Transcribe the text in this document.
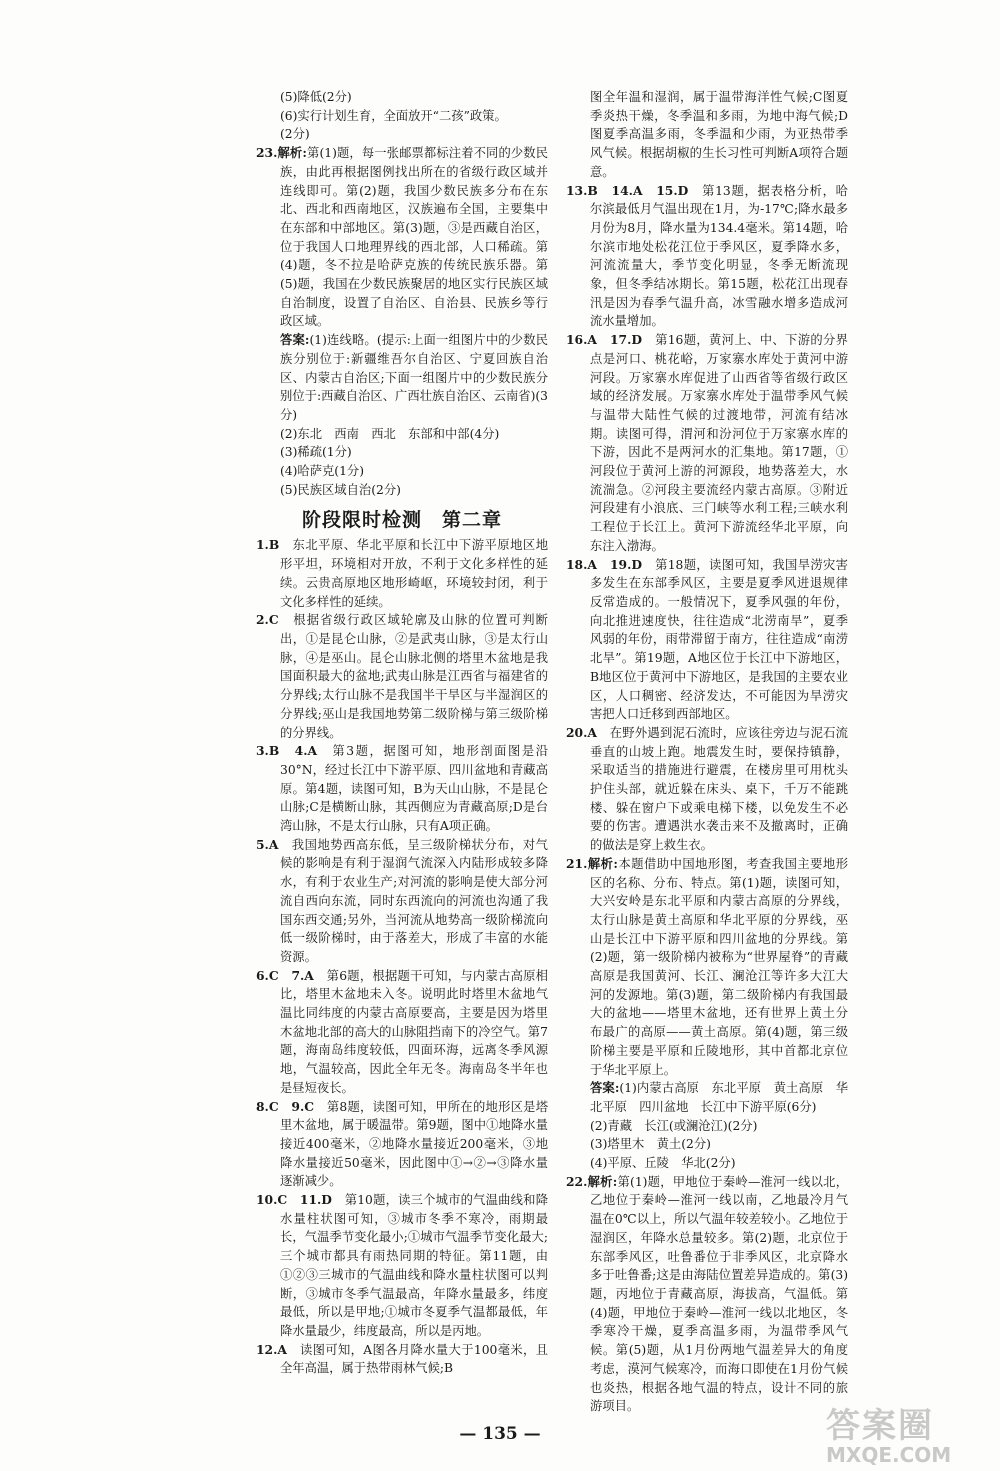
(5)降低(2分)
(6)实行计划生育，全面放开“二孩”政策。
(2分)
23.解析:第(1)题，每一张邮票都标注着不同的少数民族，由此再根据图例找出所在的省级行政区域并连线即可。第(2)题，我国少数民族多分布在东北、西北和西南地区，汉族遍布全国，主要集中在东部和中部地区。第(3)题，③是西藏自治区，位于我国人口地理界线的西北部，人口稀疏。第(4)题，冬不拉是哈萨克族的传统民族乐器。第(5)题，我国在少数民族聚居的地区实行民族区域自治制度，设置了自治区、自治县、民族乡等行政区域。
答案:(1)连线略。(提示:上面一组图片中的少数民族分别位于:新疆维吾尔自治区、宁夏回族自治区、内蒙古自治区;下面一组图片中的少数民族分别位于:西藏自治区、广西壮族自治区、云南省)(3分)
(2)东北　西南　西北　东部和中部(4分)
(3)稀疏(1分)
(4)哈萨克(1分)
(5)民族区域自治(2分)
阶段限时检测　第二章
1.B　 东北平原、华北平原和长江中下游平原地区地形平坦，环境相对开放，不利于文化多样性的延续。云贵高原地区地形崎岖，环境较封闭，利于文化多样性的延续。
2.C　 根据省级行政区域轮廓及山脉的位置可判断出，①是昆仑山脉，②是武夷山脉，③是太行山脉，④是巫山。昆仑山脉北侧的塔里木盆地是我国面积最大的盆地;武夷山脉是江西省与福建省的分界线;太行山脉不是我国半干旱区与半湿润区的分界线;巫山是我国地势第二级阶梯与第三级阶梯的分界线。
3.B　4.A　 第3题，据图可知，地形剖面图是沿30°N，经过长江中下游平原、四川盆地和青藏高原。第4题，读图可知，B为天山山脉，不是昆仑山脉;C是横断山脉，其西侧应为青藏高原;D是台湾山脉，不是太行山脉，只有A项正确。
5.A　 我国地势西高东低，呈三级阶梯状分布，对气候的影响是有利于湿润气流深入内陆形成较多降水，有利于农业生产;对河流的影响是使大部分河流自西向东流，同时东西流向的河流也沟通了我国东西交通;另外，当河流从地势高一级阶梯流向低一级阶梯时，由于落差大，形成了丰富的水能资源。
6.C　7.A　 第6题，根据题干可知，与内蒙古高原相比，塔里木盆地未入冬。说明此时塔里木盆地气温比同纬度的内蒙古高原要高，主要是因为塔里木盆地北部的高大的山脉阻挡南下的冷空气。第7题，海南岛纬度较低，四面环海，远离冬季风源地，气温较高，因此全年无冬。海南岛冬半年也是昼短夜长。
8.C　9.C　 第8题，读图可知，甲所在的地形区是塔里木盆地，属于暖温带。第9题，图中①地降水量接近400毫米，②地降水量接近200毫米，③地降水量接近50毫米，因此图中①→②→③降水量逐渐减少。
10.C　11.D　 第10题，读三个城市的气温曲线和降水量柱状图可知，③城市冬季不寒冷，雨期最长，气温季节变化最小;①城市气温季节变化最大;三个城市都具有雨热同期的特征。第11题，由①②③三城市的气温曲线和降水量柱状图可以判断，③城市冬季气温最高，年降水量最多，纬度最低，所以是甲地;①城市冬夏季气温都最低，年降水量最少，纬度最高，所以是丙地。
12.A　 读图可知，A图各月降水量大于100毫米，且全年高温，属于热带雨林气候;B
图全年温和湿润，属于温带海洋性气候;C图夏季炎热干燥，冬季温和多雨，为地中海气候;D图夏季高温多雨，冬季温和少雨，为亚热带季风气候。根据胡椒的生长习性可判断A项符合题意。
13.B　14.A　15.D　 第13题，据表格分析，哈尔滨最低月气温出现在1月，为-17℃;降水最多月份为8月，降水量为134.4毫米。第14题，哈尔滨市地处松花江位于季风区，夏季降水多，河流流量大，季节变化明显，冬季无断流现象，但冬季结冰期长。第15题，松花江出现春汛是因为春季气温升高，冰雪融水增多造成河流水量增加。
16.A　17.D　 第16题，黄河上、中、下游的分界点是河口、桃花峪，万家寨水库处于黄河中游河段。万家寨水库促进了山西省等省级行政区域的经济发展。万家寨水库处于温带季风气候与温带大陆性气候的过渡地带，河流有结冰期。读图可得，渭河和汾河位于万家寨水库的下游，因此不是两河水的汇集地。第17题，①河段位于黄河上游的河源段，地势落差大，水流湍急。②河段主要流经内蒙古高原。③附近河段建有小浪底、三门峡等水利工程;三峡水利工程位于长江上。黄河下游流经华北平原，向东注入渤海。
18.A　19.D　 第18题，读图可知，我国旱涝灾害多发生在东部季风区，主要是夏季风进退规律反常造成的。一般情况下，夏季风强的年份，向北推进速度快，往往造成“北涝南旱”，夏季风弱的年份，雨带滞留于南方，往往造成“南涝北旱”。第19题，A地区位于长江中下游地区，B地区位于黄河中下游地区，是我国的主要农业区，人口稠密、经济发达，不可能因为旱涝灾害把人口迁移到西部地区。
20.A　 在野外遇到泥石流时，应该往旁边与泥石流垂直的山坡上跑。地震发生时，要保持镇静，采取适当的措施进行避震，在楼房里可用枕头护住头部，就近躲在床头、桌下，千万不能跳楼、躲在窗户下或乘电梯下楼，以免发生不必要的伤害。遭遇洪水袭击来不及撤离时，正确的做法是穿上救生衣。
21.解析:本题借助中国地形图，考查我国主要地形区的名称、分布、特点。第(1)题，读图可知，大兴安岭是东北平原和内蒙古高原的分界线，太行山脉是黄土高原和华北平原的分界线，巫山是长江中下游平原和四川盆地的分界线。第(2)题，第一级阶梯内被称为“世界屋脊”的青藏高原是我国黄河、长江、澜沧江等许多大江大河的发源地。第(3)题，第二级阶梯内有我国最大的盆地——塔里木盆地，还有世界上黄土分布最广的高原——黄土高原。第(4)题，第三级阶梯主要是平原和丘陵地形，其中首都北京位于华北平原上。
答案:(1)内蒙古高原　东北平原　黄土高原　华北平原　四川盆地　长江中下游平原(6分)
(2)青藏　长江(或澜沧江)(2分)
(3)塔里木　黄土(2分)
(4)平原、丘陵　华北(2分)
22.解析:第(1)题，甲地位于秦岭—淮河一线以北，乙地位于秦岭—淮河一线以南，乙地最冷月气温在0℃以上，所以气温年较差较小。乙地位于湿润区，年降水总量较多。第(2)题，北京位于东部季风区，吐鲁番位于非季风区，北京降水多于吐鲁番;这是由海陆位置差异造成的。第(3)题，丙地位于青藏高原，海拔高，气温低。第(4)题，甲地位于秦岭—淮河一线以北地区，冬季寒冷干燥，夏季高温多雨，为温带季风气候。第(5)题，从1月份两地气温差异大的角度考虑，漠河气候寒冷，而海口即使在1月份气候也炎热，根据各地气温的特点，设计不同的旅游项目。
— 135 —	答案圈
MXQE.COM
